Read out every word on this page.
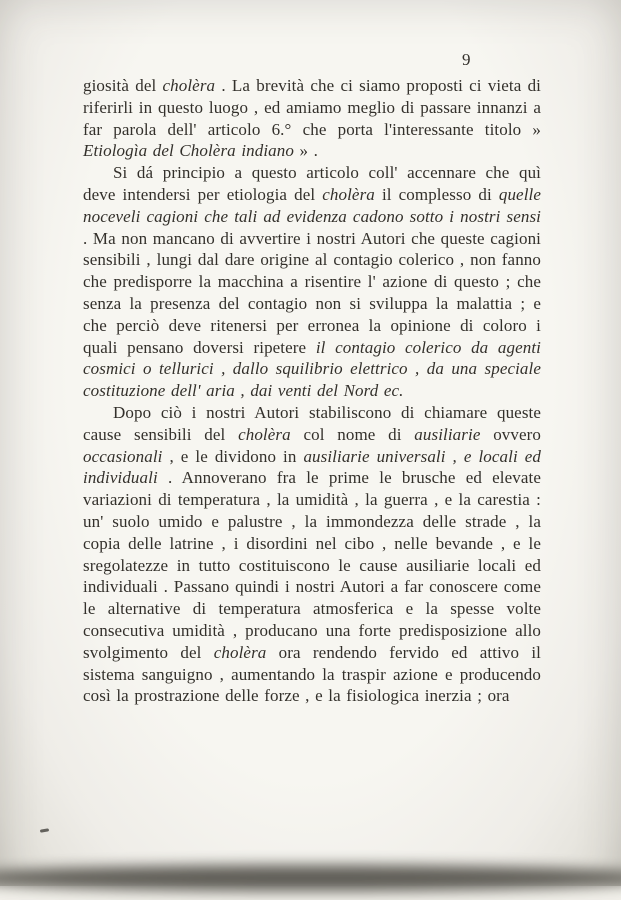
9

giosità del cholèra . La brevità che ci siamo proposti ci vieta di riferirli in questo luogo , ed amiamo meglio di passare innanzi a far parola dell' articolo 6.° che porta l'interessante titolo » Etiologìa del Cholèra indiano » .

Si dá principio a questo articolo coll' accennare che quì deve intendersi per etiologia del cholèra il complesso di quelle noceveli cagioni che tali ad evidenza cadono sotto i nostri sensi . Ma non mancano di avvertire i nostri Autori che queste cagioni sensibili , lungi dal dare origine al contagio colerico , non fanno che predisporre la macchina a risentire l' azione di questo ; che senza la presenza del contagio non si sviluppa la malattia ; e che perciò deve ritenersi per erronea la opinione di coloro i quali pensano doversi ripetere il contagio colerico da agenti cosmici o tellurici , dallo squilibrio elettrico , da una speciale costituzione dell' aria , dai venti del Nord ec.

Dopo ciò i nostri Autori stabiliscono di chiamare queste cause sensibili del cholèra col nome di ausiliarie ovvero occasionali , e le dividono in ausiliarie universali , e locali ed individuali . Annoverano fra le prime le brusche ed elevate variazioni di temperatura , la umidità , la guerra , e la carestia : un' suolo umido e palustre , la immondezza delle strade , la copia delle latrine , i disordini nel cibo , nelle bevande , e le sregolatezze in tutto costituiscono le cause ausiliarie locali ed individuali . Passano quindi i nostri Autori a far conoscere come le alternative di temperatura atmosferica e la spesse volte consecutiva umidità , producano una forte predisposizione allo svolgimento del cholèra ora rendendo fervido ed attivo il sistema sanguigno , aumentando la traspir azione e producendo così la prostrazione delle forze , e la fisiologica inerzia ; ora
